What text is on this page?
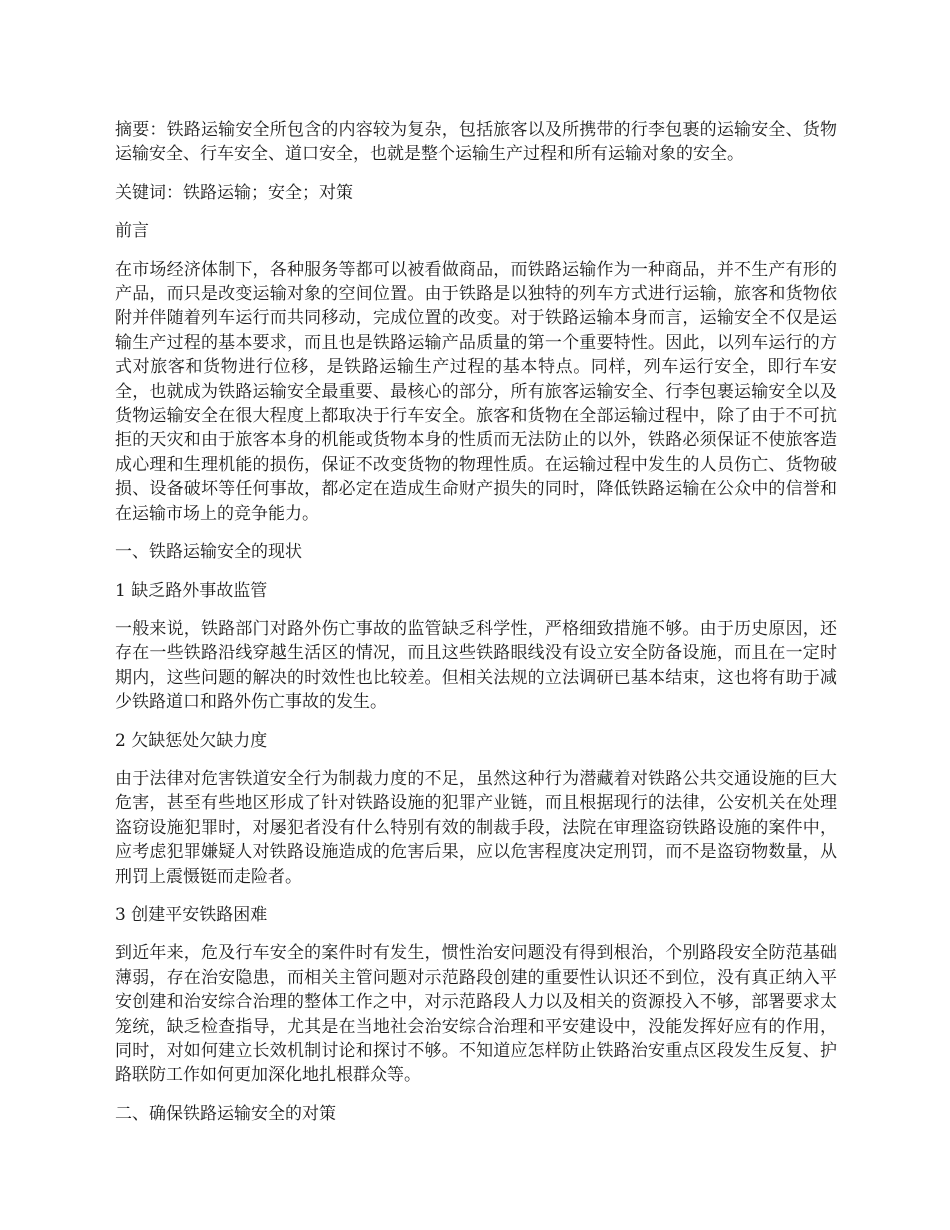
摘要：铁路运输安全所包含的内容较为复杂，包括旅客以及所携带的行李包裹的运输安全、货物运输安全、行车安全、道口安全，也就是整个运输生产过程和所有运输对象的安全。

关键词：铁路运输；安全；对策

前言

在市场经济体制下，各种服务等都可以被看做商品，而铁路运输作为一种商品，并不生产有形的产品，而只是改变运输对象的空间位置。由于铁路是以独特的列车方式进行运输，旅客和货物依附并伴随着列车运行而共同移动，完成位置的改变。对于铁路运输本身而言，运输安全不仅是运输生产过程的基本要求，而且也是铁路运输产品质量的第一个重要特性。因此，以列车运行的方式对旅客和货物进行位移，是铁路运输生产过程的基本特点。同样，列车运行安全，即行车安全，也就成为铁路运输安全最重要、最核心的部分，所有旅客运输安全、行李包裹运输安全以及货物运输安全在很大程度上都取决于行车安全。旅客和货物在全部运输过程中，除了由于不可抗拒的天灾和由于旅客本身的机能或货物本身的性质而无法防止的以外，铁路必须保证不使旅客造成心理和生理机能的损伤，保证不改变货物的物理性质。在运输过程中发生的人员伤亡、货物破损、设备破坏等任何事故，都必定在造成生命财产损失的同时，降低铁路运输在公众中的信誉和在运输市场上的竞争能力。

一、铁路运输安全的现状

1 缺乏路外事故监管

一般来说，铁路部门对路外伤亡事故的监管缺乏科学性，严格细致措施不够。由于历史原因，还存在一些铁路沿线穿越生活区的情况，而且这些铁路眼线没有设立安全防备设施，而且在一定时期内，这些问题的解决的时效性也比较差。但相关法规的立法调研已基本结束，这也将有助于减少铁路道口和路外伤亡事故的发生。

2 欠缺惩处欠缺力度

由于法律对危害铁道安全行为制裁力度的不足，虽然这种行为潜藏着对铁路公共交通设施的巨大危害，甚至有些地区形成了针对铁路设施的犯罪产业链，而且根据现行的法律，公安机关在处理盗窃设施犯罪时，对屡犯者没有什么特别有效的制裁手段，法院在审理盗窃铁路设施的案件中，应考虑犯罪嫌疑人对铁路设施造成的危害后果，应以危害程度决定刑罚，而不是盗窃物数量，从刑罚上震慑铤而走险者。

3 创建平安铁路困难

到近年来，危及行车安全的案件时有发生，惯性治安问题没有得到根治，个别路段安全防范基础薄弱，存在治安隐患，而相关主管问题对示范路段创建的重要性认识还不到位，没有真正纳入平安创建和治安综合治理的整体工作之中，对示范路段人力以及相关的资源投入不够，部署要求太笼统，缺乏检查指导，尤其是在当地社会治安综合治理和平安建设中，没能发挥好应有的作用，同时，对如何建立长效机制讨论和探讨不够。不知道应怎样防止铁路治安重点区段发生反复、护路联防工作如何更加深化地扎根群众等。

二、确保铁路运输安全的对策
